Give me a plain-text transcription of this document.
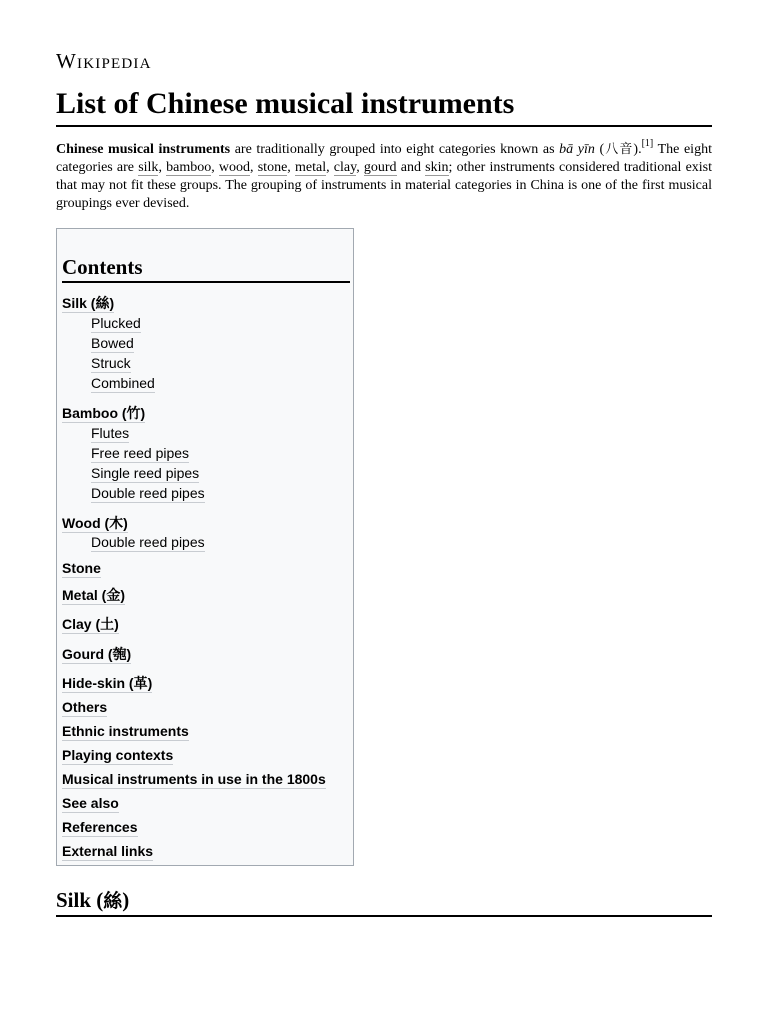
Wikipedia
List of Chinese musical instruments

Chinese musical instruments are traditionally grouped into eight categories known as bā yīn (八音).[1] The eight categories are silk, bamboo, wood, stone, metal, clay, gourd and skin; other instruments considered traditional exist that may not fit these groups. The grouping of instruments in material categories in China is one of the first musical groupings ever devised.

Contents
Silk (絲)
Plucked
Bowed
Struck
Combined
Bamboo (竹)
Flutes
Free reed pipes
Single reed pipes
Double reed pipes
Wood (木)
Double reed pipes
Stone
Metal (金)
Clay (土)
Gourd (匏)
Hide-skin (革)
Others
Ethnic instruments
Playing contexts
Musical instruments in use in the 1800s
See also
References
External links
Silk (絲)
